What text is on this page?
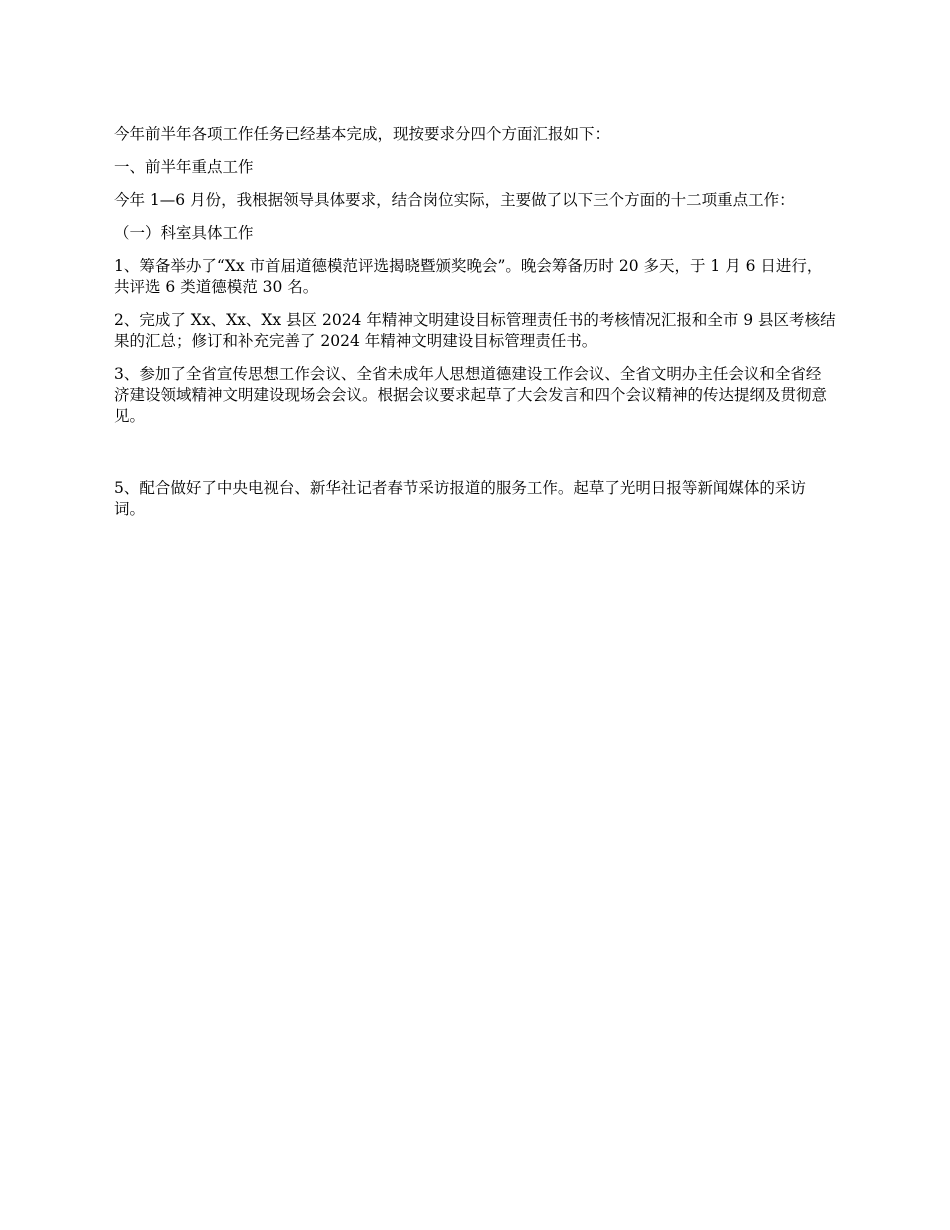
今年前半年各项工作任务已经基本完成，现按要求分四个方面汇报如下：

一、前半年重点工作

今年 1—6 月份，我根据领导具体要求，结合岗位实际，主要做了以下三个方面的十二项重点工作：

（一）科室具体工作

1、筹备举办了“Xx 市首届道德模范评选揭晓暨颁奖晚会”。晚会筹备历时 20 多天，于 1 月 6 日进行，共评选 6 类道德模范 30 名。

2、完成了 Xx、Xx、Xx 县区 2024 年精神文明建设目标管理责任书的考核情况汇报和全市 9 县区考核结果的汇总；修订和补充完善了 2024 年精神文明建设目标管理责任书。

3、参加了全省宣传思想工作会议、全省未成年人思想道德建设工作会议、全省文明办主任会议和全省经济建设领域精神文明建设现场会会议。根据会议要求起草了大会发言和四个会议精神的传达提纲及贯彻意见。

5、配合做好了中央电视台、新华社记者春节采访报道的服务工作。起草了光明日报等新闻媒体的采访词。
